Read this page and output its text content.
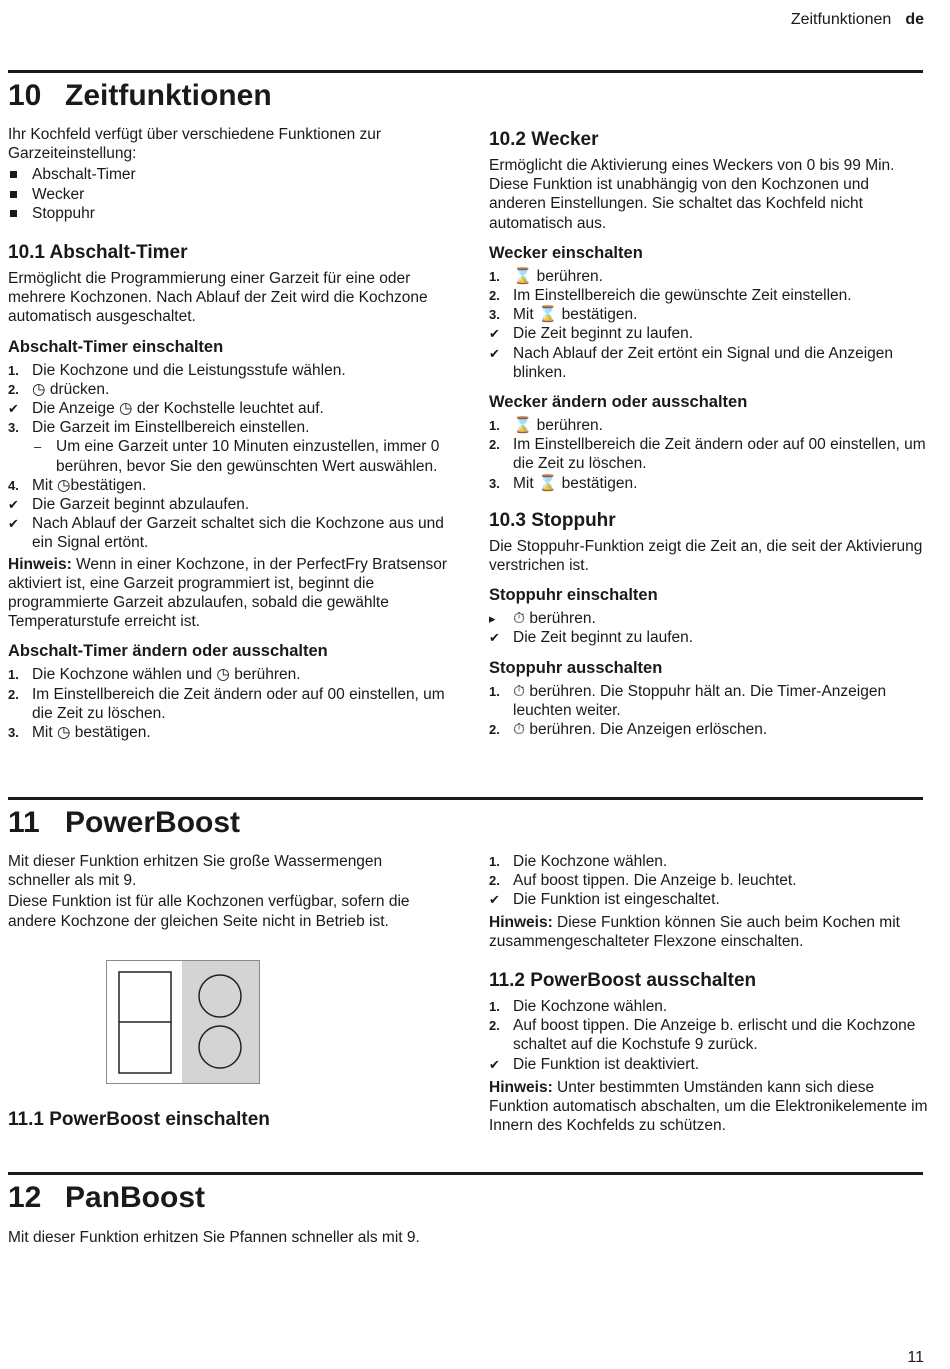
Zeitfunktionen de
10 Zeitfunktionen

Ihr Kochfeld verfügt über verschiedene Funktionen zur Garzeiteinstellung:

Abschalt-Timer
Wecker
Stoppuhr
10.1 Abschalt-Timer

Ermöglicht die Programmierung einer Garzeit für eine oder mehrere Kochzonen. Nach Ablauf der Zeit wird die Kochzone automatisch ausgeschaltet.

Abschalt-Timer einschalten
1. Die Kochzone und die Leistungsstufe wählen.
2. ◷ drücken.
✔ Die Anzeige ◷ der Kochstelle leuchtet auf.
3. Die Garzeit im Einstellbereich einstellen.
– Um eine Garzeit unter 10 Minuten einzustellen, immer 0 berühren, bevor Sie den gewünschten Wert auswählen.
4. Mit ◷bestätigen.
✔ Die Garzeit beginnt abzulaufen.
✔ Nach Ablauf der Garzeit schaltet sich die Kochzone aus und ein Signal ertönt.

Hinweis: Wenn in einer Kochzone, in der PerfectFry Bratsensor aktiviert ist, eine Garzeit programmiert ist, beginnt die programmierte Garzeit abzulaufen, sobald die gewählte Temperaturstufe erreicht ist.

Abschalt-Timer ändern oder ausschalten
1. Die Kochzone wählen und ◷ berühren.
2. Im Einstellbereich die Zeit ändern oder auf 00 einstellen, um die Zeit zu löschen.
3. Mit ◷ bestätigen.
10.2 Wecker

Ermöglicht die Aktivierung eines Weckers von 0 bis 99 Min. Diese Funktion ist unabhängig von den Kochzonen und anderen Einstellungen. Sie schaltet das Kochfeld nicht automatisch aus.

Wecker einschalten
1. ⌛ berühren.
2. Im Einstellbereich die gewünschte Zeit einstellen.
3. Mit ⌛ bestätigen.
✔ Die Zeit beginnt zu laufen.
✔ Nach Ablauf der Zeit ertönt ein Signal und die Anzeigen blinken.
Wecker ändern oder ausschalten
1. ⌛ berühren.
2. Im Einstellbereich die Zeit ändern oder auf 00 einstellen, um die Zeit zu löschen.
3. Mit ⌛ bestätigen.
10.3 Stoppuhr

Die Stoppuhr-Funktion zeigt die Zeit an, die seit der Aktivierung verstrichen ist.

Stoppuhr einschalten
▸ ⏱ berühren.
✔ Die Zeit beginnt zu laufen.
Stoppuhr ausschalten
1. ⏱ berühren. Die Stoppuhr hält an. Die Timer-Anzeigen leuchten weiter.
2. ⏱ berühren. Die Anzeigen erlöschen.
11 PowerBoost

Mit dieser Funktion erhitzen Sie große Wassermengen schneller als mit 9.

Diese Funktion ist für alle Kochzonen verfügbar, sofern die andere Kochzone der gleichen Seite nicht in Betrieb ist.

11.1 PowerBoost einschalten
1. Die Kochzone wählen.
2. Auf boost tippen. Die Anzeige b. leuchtet.
✔ Die Funktion ist eingeschaltet.

Hinweis: Diese Funktion können Sie auch beim Kochen mit zusammengeschalteter Flexzone einschalten.

11.2 PowerBoost ausschalten
1. Die Kochzone wählen.
2. Auf boost tippen. Die Anzeige b. erlischt und die Kochzone schaltet auf die Kochstufe 9 zurück.
✔ Die Funktion ist deaktiviert.

Hinweis: Unter bestimmten Umständen kann sich diese Funktion automatisch abschalten, um die Elektronikelemente im Innern des Kochfelds zu schützen.

12 PanBoost

Mit dieser Funktion erhitzen Sie Pfannen schneller als mit 9.

11
